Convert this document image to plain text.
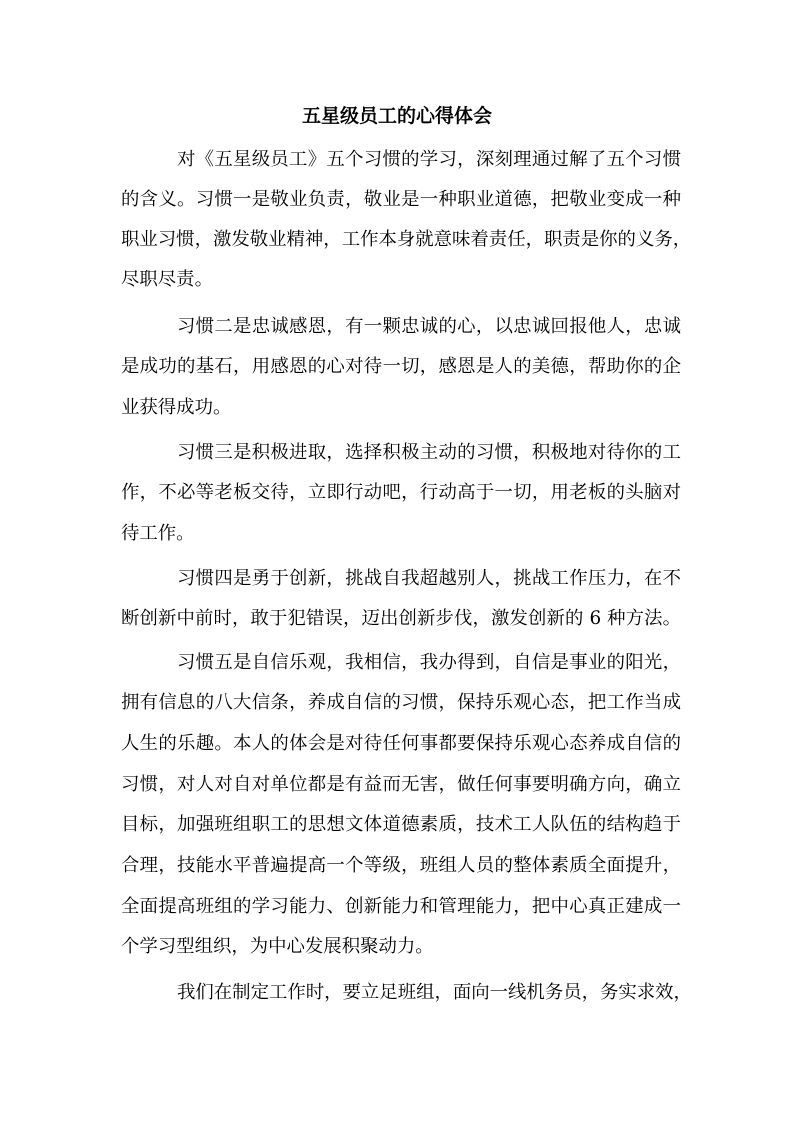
五星级员工的心得体会
对《五星级员工》五个习惯的学习，深刻理通过解了五个习惯
的含义。习惯一是敬业负责，敬业是一种职业道德，把敬业变成一种
职业习惯，激发敬业精神，工作本身就意味着责任，职责是你的义务，
尽职尽责。
习惯二是忠诚感恩，有一颗忠诚的心，以忠诚回报他人，忠诚
是成功的基石，用感恩的心对待一切，感恩是人的美德，帮助你的企
业获得成功。
习惯三是积极进取，选择积极主动的习惯，积极地对待你的工
作，不必等老板交待，立即行动吧，行动高于一切，用老板的头脑对
待工作。
习惯四是勇于创新，挑战自我超越别人，挑战工作压力，在不
断创新中前时，敢于犯错误，迈出创新步伐，激发创新的 6 种方法。
习惯五是自信乐观，我相信，我办得到，自信是事业的阳光，
拥有信息的八大信条，养成自信的习惯，保持乐观心态，把工作当成
人生的乐趣。本人的体会是对待任何事都要保持乐观心态养成自信的
习惯，对人对自对单位都是有益而无害，做任何事要明确方向，确立
目标，加强班组职工的思想文体道德素质，技术工人队伍的结构趋于
合理，技能水平普遍提高一个等级，班组人员的整体素质全面提升，
全面提高班组的学习能力、创新能力和管理能力，把中心真正建成一
个学习型组织，为中心发展积聚动力。
我们在制定工作时，要立足班组，面向一线机务员，务实求效，
